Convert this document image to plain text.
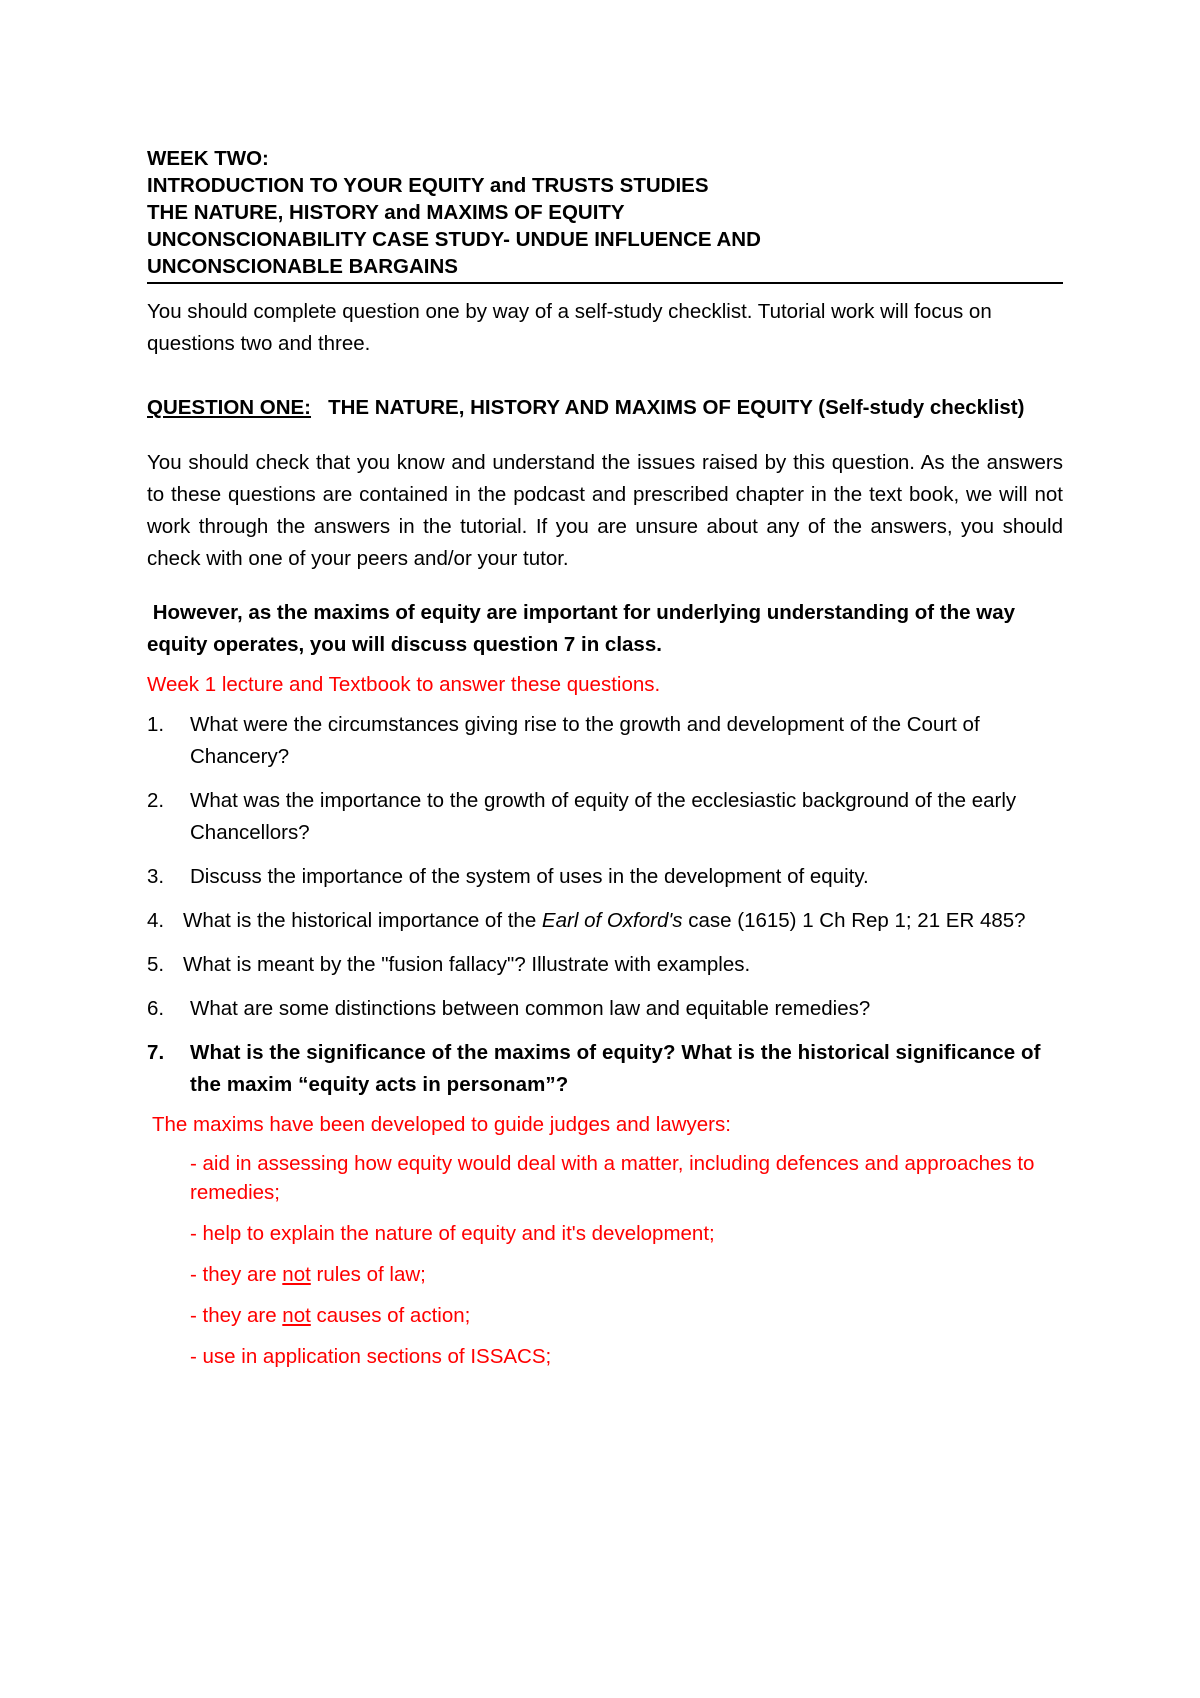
WEEK TWO:
INTRODUCTION TO YOUR EQUITY and TRUSTS STUDIES
THE NATURE, HISTORY and MAXIMS OF EQUITY
UNCONSCIONABILITY CASE STUDY- UNDUE INFLUENCE AND
UNCONSCIONABLE BARGAINS

You should complete question one by way of a self-study checklist. Tutorial work will focus on questions two and three.

QUESTION ONE: THE NATURE, HISTORY AND MAXIMS OF EQUITY (Self-study checklist)

You should check that you know and understand the issues raised by this question. As the answers to these questions are contained in the podcast and prescribed chapter in the text book, we will not work through the answers in the tutorial. If you are unsure about any of the answers, you should check with one of your peers and/or your tutor.

However, as the maxims of equity are important for underlying understanding of the way equity operates, you will discuss question 7 in class.

Week 1 lecture and Textbook to answer these questions.

1. What were the circumstances giving rise to the growth and development of the Court of Chancery?
2. What was the importance to the growth of equity of the ecclesiastic background of the early Chancellors?
3. Discuss the importance of the system of uses in the development of equity.
4. What is the historical importance of the Earl of Oxford's case (1615) 1 Ch Rep 1; 21 ER 485?
5. What is meant by the "fusion fallacy"? Illustrate with examples.
6. What are some distinctions between common law and equitable remedies?
7. What is the significance of the maxims of equity? What is the historical significance of the maxim “equity acts in personam”?

The maxims have been developed to guide judges and lawyers:

- aid in assessing how equity would deal with a matter, including defences and approaches to remedies;
- help to explain the nature of equity and it's development;
- they are not rules of law;
- they are not causes of action;
- use in application sections of ISSACS;
